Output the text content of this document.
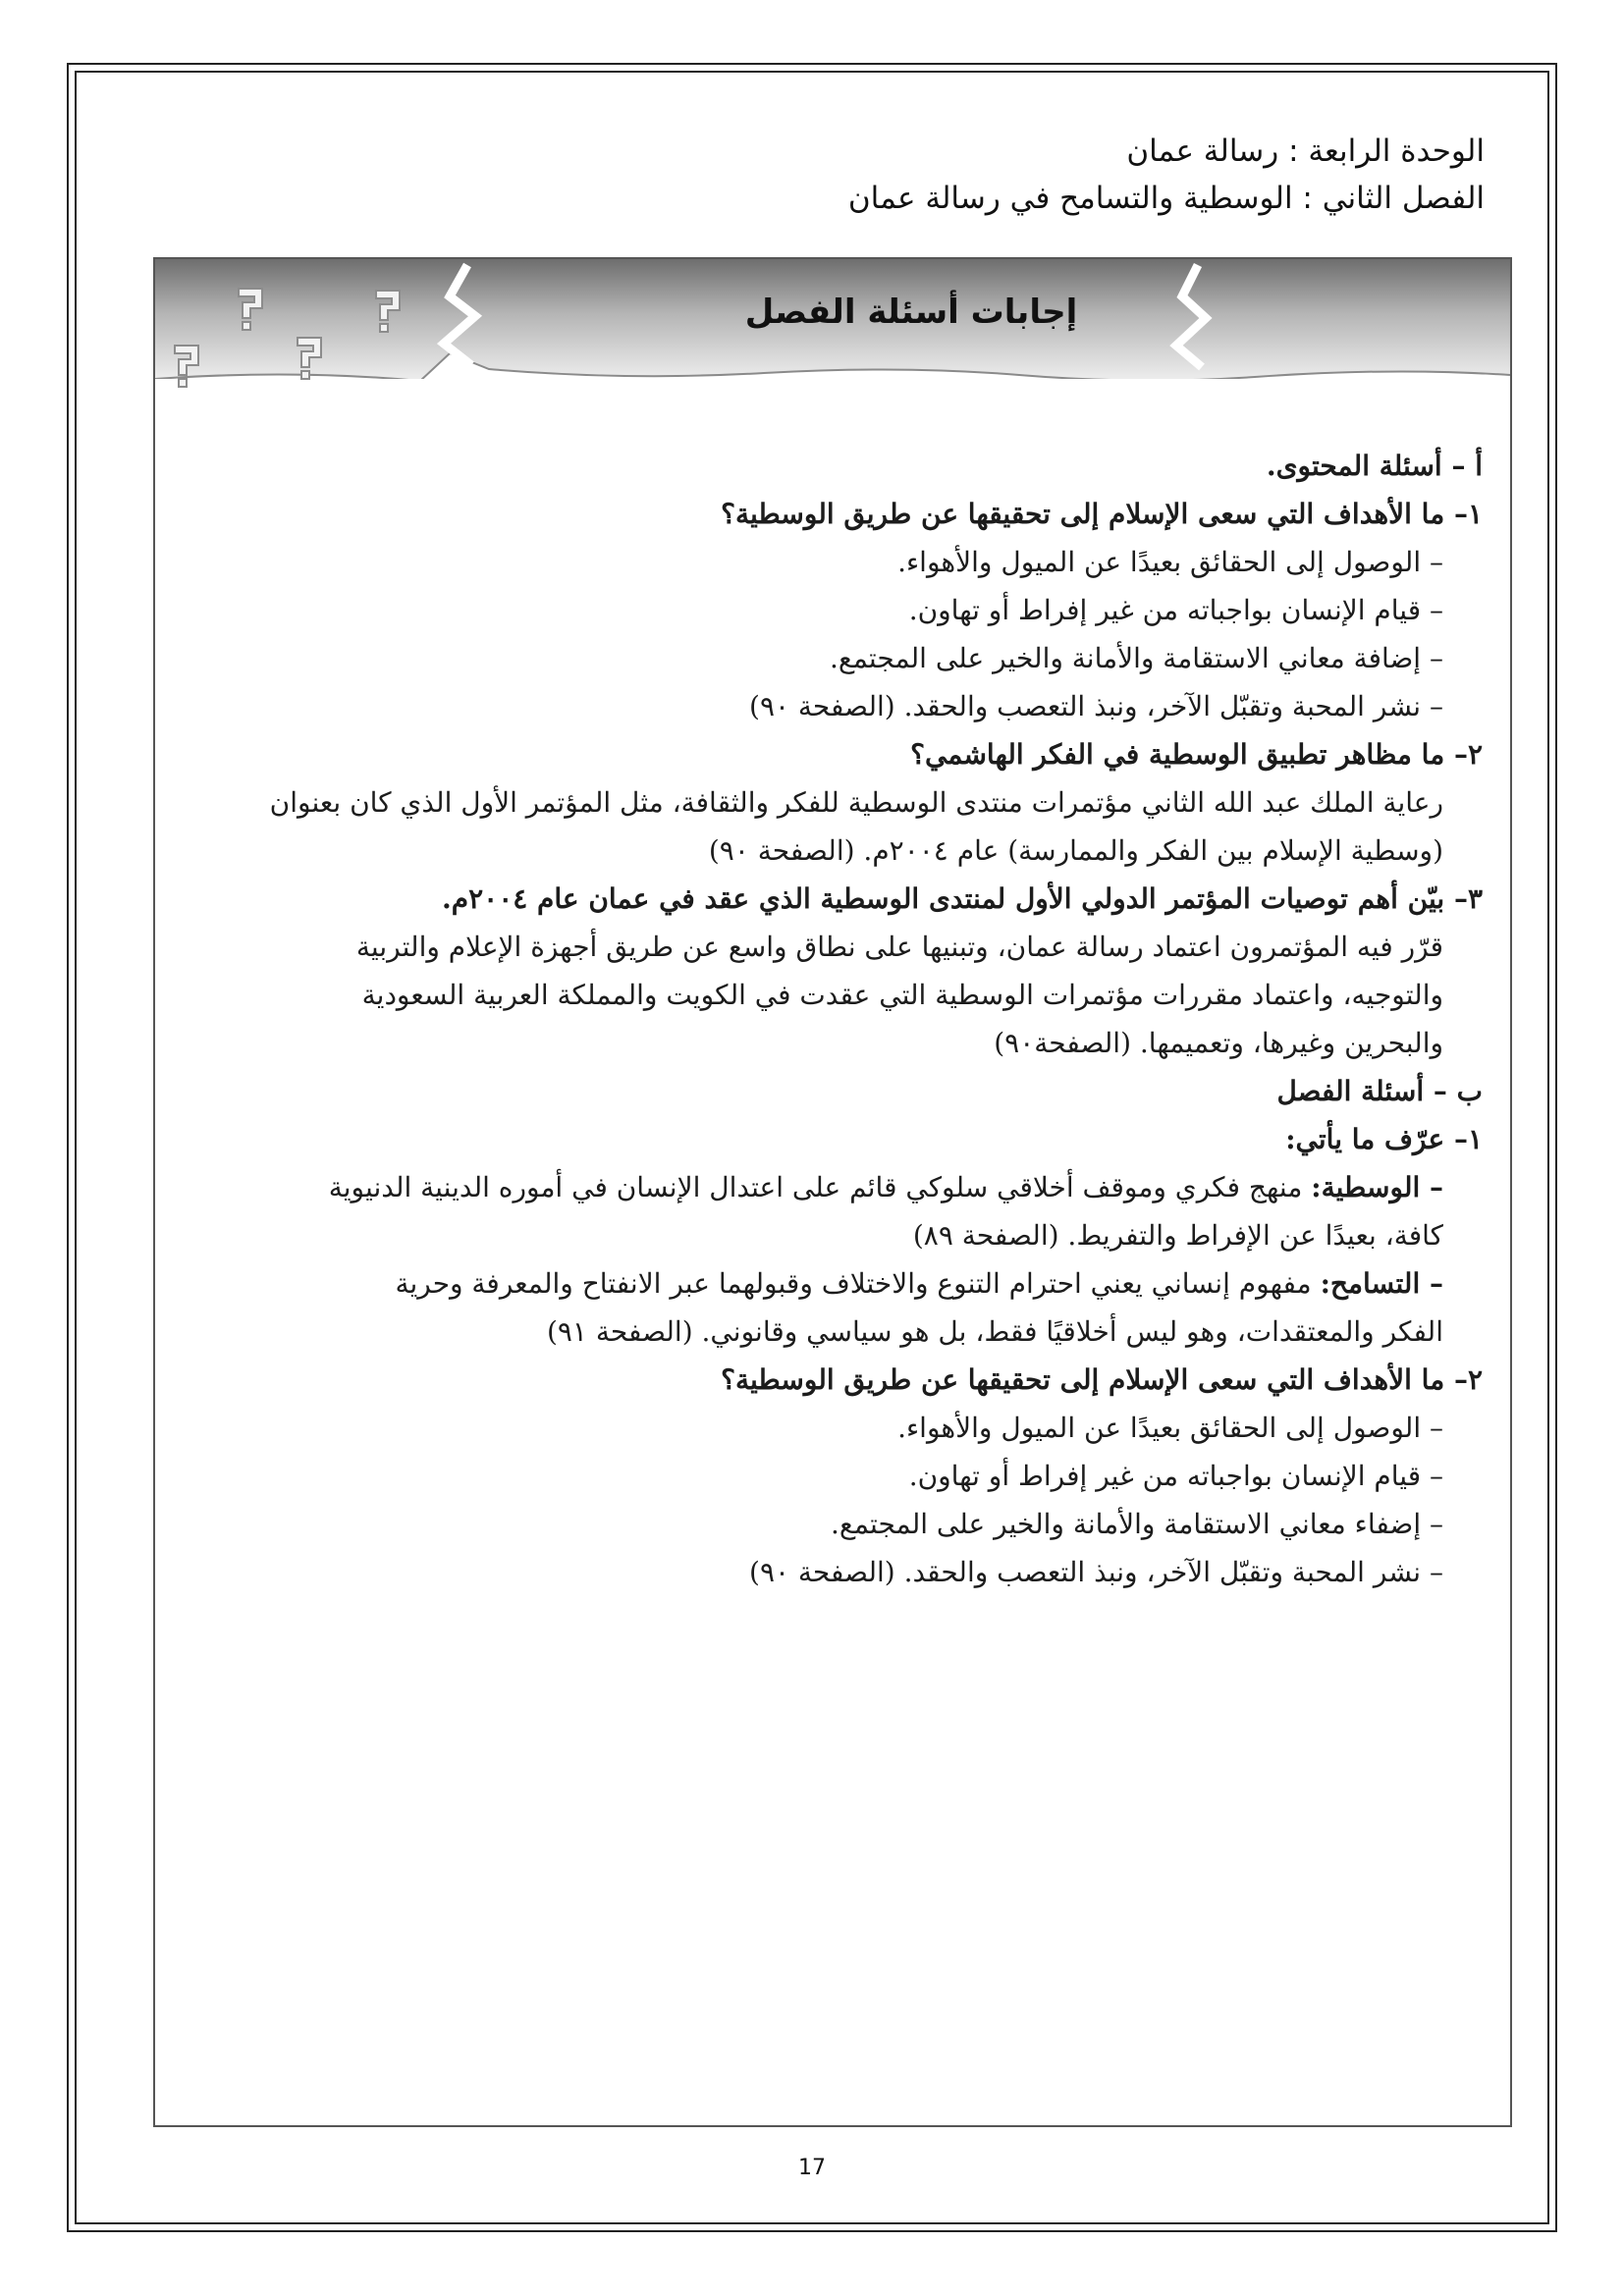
الوحدة الرابعة : رسالة عمان
الفصل الثاني : الوسطية والتسامح في رسالة عمان
إجابات أسئلة الفصل

أ – أسئلة المحتوى.

١– ما الأهداف التي سعى الإسلام إلى تحقيقها عن طريق الوسطية؟

– الوصول إلى الحقائق بعيدًا عن الميول والأهواء.

– قيام الإنسان بواجباته من غير إفراط أو تهاون.

– إضافة معاني الاستقامة والأمانة والخير على المجتمع.

– نشر المحبة وتقبّل الآخر، ونبذ التعصب والحقد. (الصفحة ٩٠)

٢– ما مظاهر تطبيق الوسطية في الفكر الهاشمي؟

رعاية الملك عبد الله الثاني مؤتمرات منتدى الوسطية للفكر والثقافة، مثل المؤتمر الأول الذي كان بعنوان

(وسطية الإسلام بين الفكر والممارسة) عام ٢٠٠٤م. (الصفحة ٩٠)

٣– بيّن أهم توصيات المؤتمر الدولي الأول لمنتدى الوسطية الذي عقد في عمان عام ٢٠٠٤م.

قرّر فيه المؤتمرون اعتماد رسالة عمان، وتبنيها على نطاق واسع عن طريق أجهزة الإعلام والتربية

والتوجيه، واعتماد مقررات مؤتمرات الوسطية التي عقدت في الكويت والمملكة العربية السعودية

والبحرين وغيرها، وتعميمها. (الصفحة٩٠)

ب – أسئلة الفصل

١– عرّف ما يأتي:

– الوسطية: منهج فكري وموقف أخلاقي سلوكي قائم على اعتدال الإنسان في أموره الدينية الدنيوية

كافة، بعيدًا عن الإفراط والتفريط. (الصفحة ٨٩)

– التسامح: مفهوم إنساني يعني احترام التنوع والاختلاف وقبولهما عبر الانفتاح والمعرفة وحرية

الفكر والمعتقدات، وهو ليس أخلاقيًا فقط، بل هو سياسي وقانوني. (الصفحة ٩١)

٢– ما الأهداف التي سعى الإسلام إلى تحقيقها عن طريق الوسطية؟

– الوصول إلى الحقائق بعيدًا عن الميول والأهواء.

– قيام الإنسان بواجباته من غير إفراط أو تهاون.

– إضفاء معاني الاستقامة والأمانة والخير على المجتمع.

– نشر المحبة وتقبّل الآخر، ونبذ التعصب والحقد. (الصفحة ٩٠)

17
